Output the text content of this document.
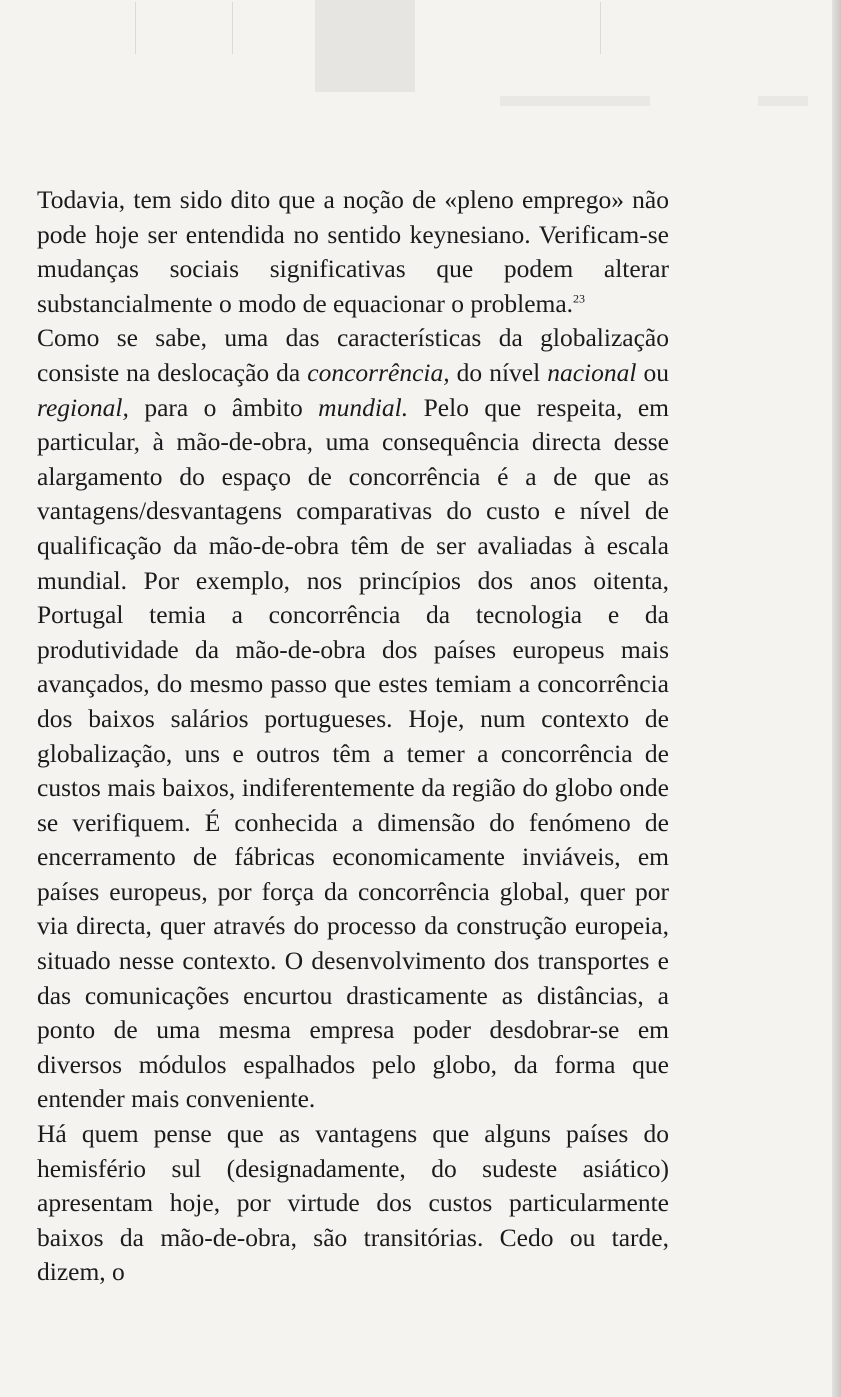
Todavia, tem sido dito que a noção de «pleno emprego» não pode hoje ser entendida no sentido keynesiano. Verificam-se mudanças sociais significativas que podem alterar substancialmente o modo de equacionar o problema.$^{23}$

Como se sabe, uma das características da globalização consiste na deslocação da concorrência, do nível nacional ou regional, para o âmbito mundial. Pelo que respeita, em particular, à mão-de-obra, uma consequência directa desse alargamento do espaço de concorrência é a de que as vantagens/desvantagens comparativas do custo e nível de qualificação da mão-de-obra têm de ser avaliadas à escala mundial. Por exemplo, nos princípios dos anos oitenta, Portugal temia a concorrência da tecnologia e da produtividade da mão-de-obra dos países europeus mais avançados, do mesmo passo que estes temiam a concorrência dos baixos salários portugueses. Hoje, num contexto de globalização, uns e outros têm a temer a concorrência de custos mais baixos, indiferentemente da região do globo onde se verifiquem. É conhecida a dimensão do fenómeno de encerramento de fábricas economicamente inviáveis, em países europeus, por força da concorrência global, quer por via directa, quer através do processo da construção europeia, situado nesse contexto. O desenvolvimento dos transportes e das comunicações encurtou drasticamente as distâncias, a ponto de uma mesma empresa poder desdobrar-se em diversos módulos espalhados pelo globo, da forma que entender mais conveniente.

Há quem pense que as vantagens que alguns países do hemisfério sul (designadamente, do sudeste asiático) apresentam hoje, por virtude dos custos particularmente baixos da mão-de-obra, são transitórias. Cedo ou tarde, dizem, o
